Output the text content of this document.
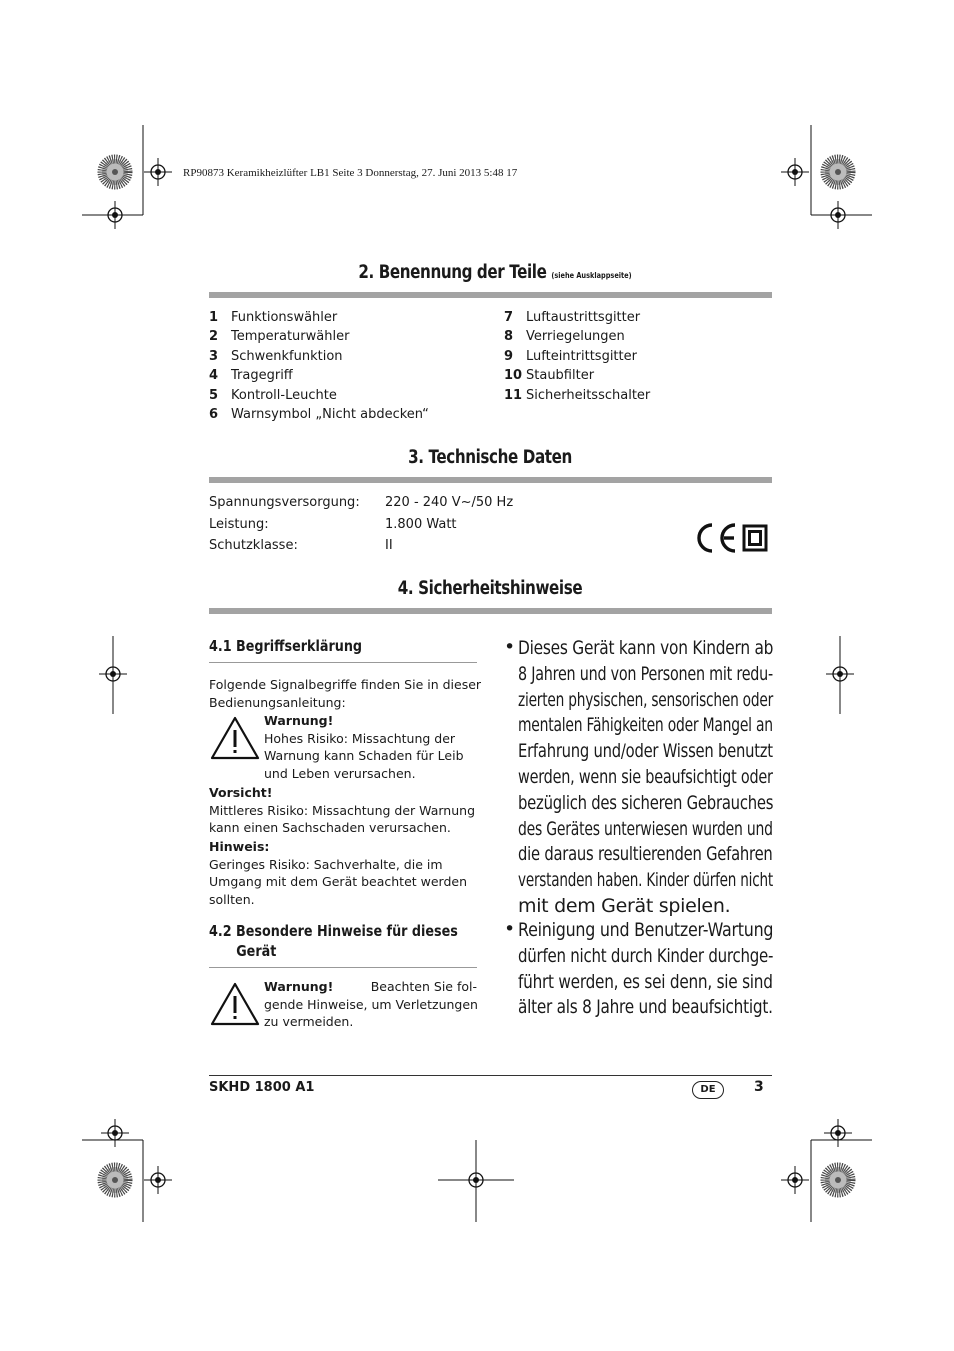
RP90873 Keramikheizlüfter LB1 Seite 3 Donnerstag, 27. Juni 2013 5:48 17
2. Benennung der Teile (siehe Ausklappseite)
1 Funktionswähler
2 Temperaturwähler
3 Schwenkfunktion
4 Tragegriff
5 Kontroll-Leuchte
6 Warnsymbol „Nicht abdecken“
7 Luftaustrittsgitter
8 Verriegelungen
9 Lufteintrittsgitter
10 Staubfilter
11 Sicherheitsschalter
3. Technische Daten
Spannungsversorgung:	220 - 240 V~/50 Hz
Leistung:	1.800 Watt
Schutzklasse:	II
4. Sicherheitshinweise
4.1 Begriffserklärung
Folgende Signalbegriffe finden Sie in dieser
Bedienungsanleitung:
Warnung!
Hohes Risiko: Missachtung der
Warnung kann Schaden für Leib
und Leben verursachen.
Vorsicht!
Mittleres Risiko: Missachtung der Warnung
kann einen Sachschaden verursachen.
Hinweis:
Geringes Risiko: Sachverhalte, die im
Umgang mit dem Gerät beachtet werden
sollten.
4.2 Besondere Hinweise für dieses
Gerät
Warnung!	Beachten Sie fol-
gende Hinweise, um Verletzungen
zu vermeiden.
• Dieses Gerät kann von Kindern ab
8 Jahren und von Personen mit redu-
zierten physischen, sensorischen oder
mentalen Fähigkeiten oder Mangel an
Erfahrung und/oder Wissen benutzt
werden, wenn sie beaufsichtigt oder
bezüglich des sicheren Gebrauches
des Gerätes unterwiesen wurden und
die daraus resultierenden Gefahren
verstanden haben. Kinder dürfen nicht
mit dem Gerät spielen.
• Reinigung und Benutzer-Wartung
dürfen nicht durch Kinder durchge-
führt werden, es sei denn, sie sind
älter als 8 Jahre und beaufsichtigt.
SKHD 1800 A1	DE	3
